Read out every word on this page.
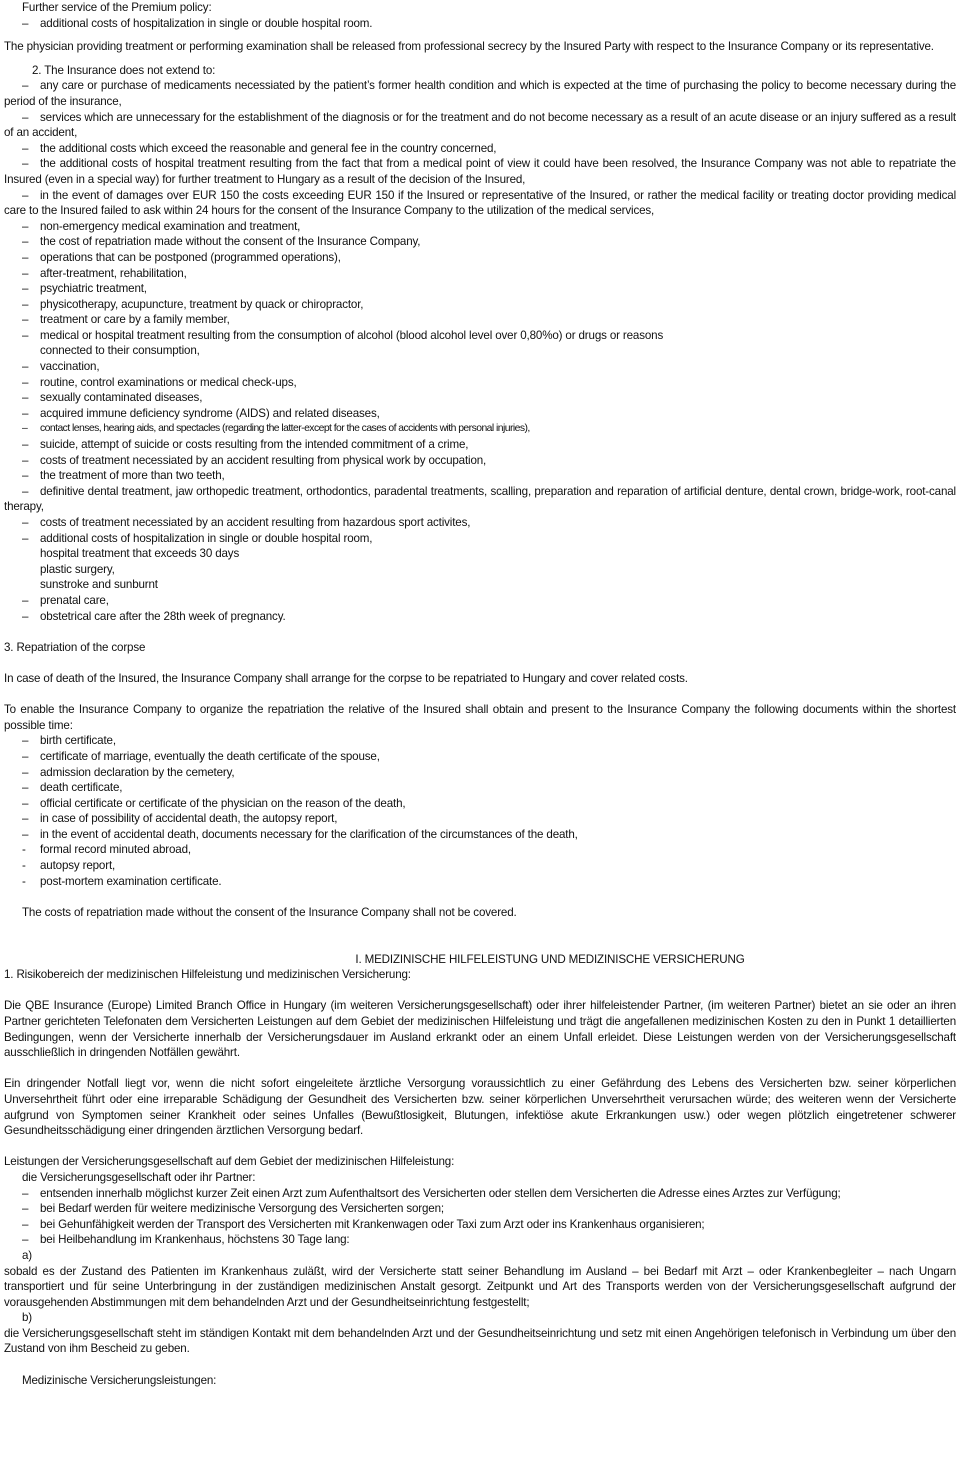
Further service of the Premium policy:

– additional costs of hospitalization in single or double hospital room.

The physician providing treatment or performing examination shall be released from professional secrecy by the Insured Party with respect to the Insurance Company or its representative.

2. The Insurance does not extend to:

– any care or purchase of medicaments necessiated by the patient’s former health condition and which is expected at the time of purchasing the policy to become necessary during the period of the insurance,

– services which are unnecessary for the establishment of the diagnosis or for the treatment and do not become necessary as a result of an acute disease or an injury suffered as a result of an accident,

– the additional costs which exceed the reasonable and general fee in the country concerned,

– the additional costs of hospital treatment resulting from the fact that from a medical point of view it could have been resolved, the Insurance Company was not able to repatriate the Insured (even in a special way) for further treatment to Hungary as a result of the decision of the Insured,

– in the event of damages over EUR 150 the costs exceeding EUR 150 if the Insured or representative of the Insured, or rather the medical facility or treating doctor providing medical care to the Insured failed to ask within 24 hours for the consent of the Insurance Company to the utilization of the medical services,

– non-emergency medical examination and treatment,

– the cost of repatriation made without the consent of the Insurance Company,

– operations that can be postponed (programmed operations),

– after-treatment, rehabilitation,

– psychiatric treatment,

– physicotherapy, acupuncture, treatment by quack or chiropractor,

– treatment or care by a family member,

– medical or hospital treatment resulting from the consumption of alcohol (blood alcohol level over 0,80%o) or drugs or reasons

connected to their consumption,

– vaccination,

– routine, control examinations or medical check-ups,

– sexually contaminated diseases,

– acquired immune deficiency syndrome (AIDS) and related diseases,

– contact lenses, hearing aids, and spectacles (regarding the latter-except for the cases of accidents with personal injuries),

– suicide, attempt of suicide or costs resulting from the intended commitment of a crime,

– costs of treatment necessiated by an accident resulting from physical work by occupation,

– the treatment of more than two teeth,

– definitive dental treatment, jaw orthopedic treatment, orthodontics, paradental treatments, scalling, preparation and reparation of artificial denture, dental crown, bridge-work, root-canal therapy,

– costs of treatment necessiated by an accident resulting from hazardous sport activites,

– additional costs of hospitalization in single or double hospital room,

hospital treatment that exceeds 30 days

plastic surgery,

sunstroke and sunburnt

– prenatal care,

– obstetrical care after the 28th week of pregnancy.

3. Repatriation of the corpse

In case of death of the Insured, the Insurance Company shall arrange for the corpse to be repatriated to Hungary and cover related costs.

To enable the Insurance Company to organize the repatriation the relative of the Insured shall obtain and present to the Insurance Company the following documents within the shortest possible time:

– birth certificate,

– certificate of marriage, eventually the death certificate of the spouse,

– admission declaration by the cemetery,

– death certificate,

– official certificate or certificate of the physician on the reason of the death,

– in case of possibility of accidental death, the autopsy report,

– in the event of accidental death, documents necessary for the clarification of the circumstances of the death,

- formal record minuted abroad,

- autopsy report,

- post-mortem examination certificate.

The costs of repatriation made without the consent of the Insurance Company shall not be covered.

I. MEDIZINISCHE HILFELEISTUNG UND MEDIZINISCHE VERSICHERUNG

1. Risikobereich der medizinischen Hilfeleistung und medizinischen Versicherung:

Die QBE Insurance (Europe) Limited Branch Office in Hungary (im weiteren Versicherungsgesellschaft) oder ihrer hilfeleistender Partner, (im weiteren Partner) bietet an sie oder an ihren Partner gerichteten Telefonaten dem Versicherten Leistungen auf dem Gebiet der medizinischen Hilfeleistung und trägt die angefallenen medizinischen Kosten zu den in Punkt 1 detaillierten Bedingungen, wenn der Versicherte innerhalb der Versicherungsdauer im Ausland erkrankt oder an einem Unfall erleidet. Diese Leistungen werden von der Versicherungsgesellschaft ausschließlich in dringenden Notfällen gewährt.

Ein dringender Notfall liegt vor, wenn die nicht sofort eingeleitete ärztliche Versorgung voraussichtlich zu einer Gefährdung des Lebens des Versicherten bzw. seiner körperlichen Unversehrtheit führt oder eine irreparable Schädigung der Gesundheit des Versicherten bzw. seiner körperlichen Unversehrtheit verursachen würde; des weiteren wenn der Versicherte aufgrund von Symptomen seiner Krankheit oder seines Unfalles (Bewußtlosigkeit, Blutungen, infektiöse akute Erkrankungen usw.) oder wegen plötzlich eingetretener schwerer Gesundheitsschädigung einer dringenden ärztlichen Versorgung bedarf.

Leistungen der Versicherungsgesellschaft auf dem Gebiet der medizinischen Hilfeleistung:

die Versicherungsgesellschaft oder ihr Partner:

– entsenden innerhalb möglichst kurzer Zeit einen Arzt zum Aufenthaltsort des Versicherten oder stellen dem Versicherten die Adresse eines Arztes zur Verfügung;

– bei Bedarf werden für weitere medizinische Versorgung des Versicherten sorgen;

– bei Gehunfähigkeit werden der Transport des Versicherten mit Krankenwagen oder Taxi zum Arzt oder ins Krankenhaus organisieren;

– bei Heilbehandlung im Krankenhaus, höchstens 30 Tage lang:

a)

sobald es der Zustand des Patienten im Krankenhaus zuläßt, wird der Versicherte statt seiner Behandlung im Ausland – bei Bedarf mit Arzt – oder Krankenbegleiter – nach Ungarn transportiert und für seine Unterbringung in der zuständigen medizinischen Anstalt gesorgt. Zeitpunkt und Art des Transports werden von der Versicherungsgesellschaft aufgrund der vorausgehenden Abstimmungen mit dem behandelnden Arzt und der Gesundheitseinrichtung festgestellt;

b)

die Versicherungsgesellschaft steht im ständigen Kontakt mit dem behandelnden Arzt und der Gesundheitseinrichtung und setz mit einen Angehörigen telefonisch in Verbindung um über den Zustand von ihm Bescheid zu geben.

Medizinische Versicherungsleistungen:
